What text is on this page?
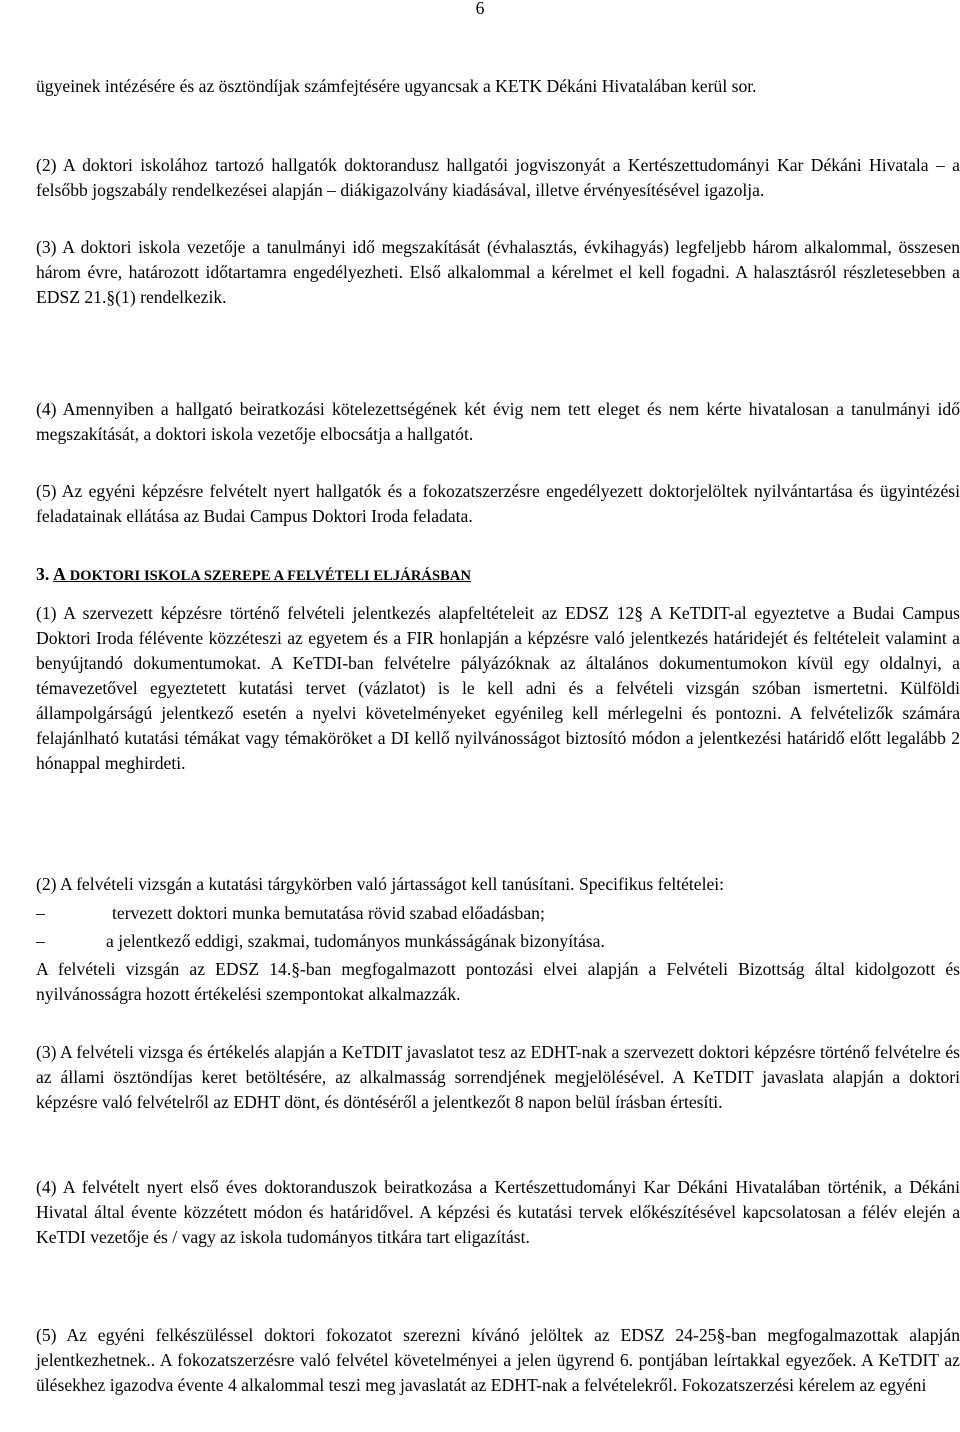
6

ügyeinek intézésére és az ösztöndíjak számfejtésére ugyancsak a KETK Dékáni Hivatalában kerül sor.

(2) A doktori iskolához tartozó hallgatók doktorandusz hallgatói jogviszonyát a Kertészettudományi Kar Dékáni Hivatala – a felsőbb jogszabály rendelkezései alapján – diákigazolvány kiadásával, illetve érvényesítésével igazolja.

(3) A doktori iskola vezetője a tanulmányi idő megszakítását (évhalasztás, évkihagyás) legfeljebb három alkalommal, összesen három évre, határozott időtartamra engedélyezheti. Első alkalommal a kérelmet el kell fogadni. A halasztásról részletesebben a EDSZ 21.§(1) rendelkezik.

(4) Amennyiben a hallgató beiratkozási kötelezettségének két évig nem tett eleget és nem kérte hivatalosan a tanulmányi idő megszakítását, a doktori iskola vezetője elbocsátja a hallgatót.

(5) Az egyéni képzésre felvételt nyert hallgatók és a fokozatszerzésre engedélyezett doktorjelöltek nyilvántartása és ügyintézési feladatainak ellátása az Budai Campus Doktori Iroda feladata.

3. A DOKTORI ISKOLA SZEREPE A FELVÉTELI ELJÁRÁSBAN

(1) A szervezett képzésre történő felvételi jelentkezés alapfeltételeit az EDSZ 12§ A KeTDIT-al egyeztetve a Budai Campus Doktori Iroda félévente közzéteszi az egyetem és a FIR honlapján a képzésre való jelentkezés határidejét és feltételeit valamint a benyújtandó dokumentumokat. A KeTDI-ban felvételre pályázóknak az általános dokumentumokon kívül egy oldalnyi, a témavezetővel egyeztetett kutatási tervet (vázlatot) is le kell adni és a felvételi vizsgán szóban ismertetni. Külföldi állampolgárságú jelentkező esetén a nyelvi követelményeket egyénileg kell mérlegelni és pontozni. A felvételizők számára felajánlható kutatási témákat vagy témaköröket a DI kellő nyilvánosságot biztosító módon a jelentkezési határidő előtt legalább 2 hónappal meghirdeti.

(2) A felvételi vizsgán a kutatási tárgykörben való jártasságot kell tanúsítani. Specifikus feltételei:

–	tervezett doktori munka bemutatása rövid szabad előadásban;
–	a jelentkező eddigi, szakmai, tudományos munkásságának bizonyítása.

A felvételi vizsgán az EDSZ 14.§-ban megfogalmazott pontozási elvei alapján a Felvételi Bizottság által kidolgozott és nyilvánosságra hozott értékelési szempontokat alkalmazzák.

(3) A felvételi vizsga és értékelés alapján a KeTDIT javaslatot tesz az EDHT-nak a szervezett doktori képzésre történő felvételre és az állami ösztöndíjas keret betöltésére, az alkalmasság sorrendjének megjelölésével. A KeTDIT javaslata alapján a doktori képzésre való felvételről az EDHT dönt, és döntéséről a jelentkezőt 8 napon belül írásban értesíti.

(4) A felvételt nyert első éves doktoranduszok beiratkozása a Kertészettudományi Kar Dékáni Hivatalában történik, a Dékáni Hivatal által évente közzétett módon és határidővel. A képzési és kutatási tervek előkészítésével kapcsolatosan a félév elején a KeTDI vezetője és / vagy az iskola tudományos titkára tart eligazítást.

(5) Az egyéni felkészüléssel doktori fokozatot szerezni kívánó jelöltek az EDSZ 24-25§-ban megfogalmazottak alapján jelentkezhetnek.. A fokozatszerzésre való felvétel követelményei a jelen ügyrend 6. pontjában leírtakkal egyezőek. A KeTDIT az ülésekhez igazodva évente 4 alkalommal teszi meg javaslatát az EDHT-nak a felvételekről. Fokozatszerzési kérelem az egyéni
